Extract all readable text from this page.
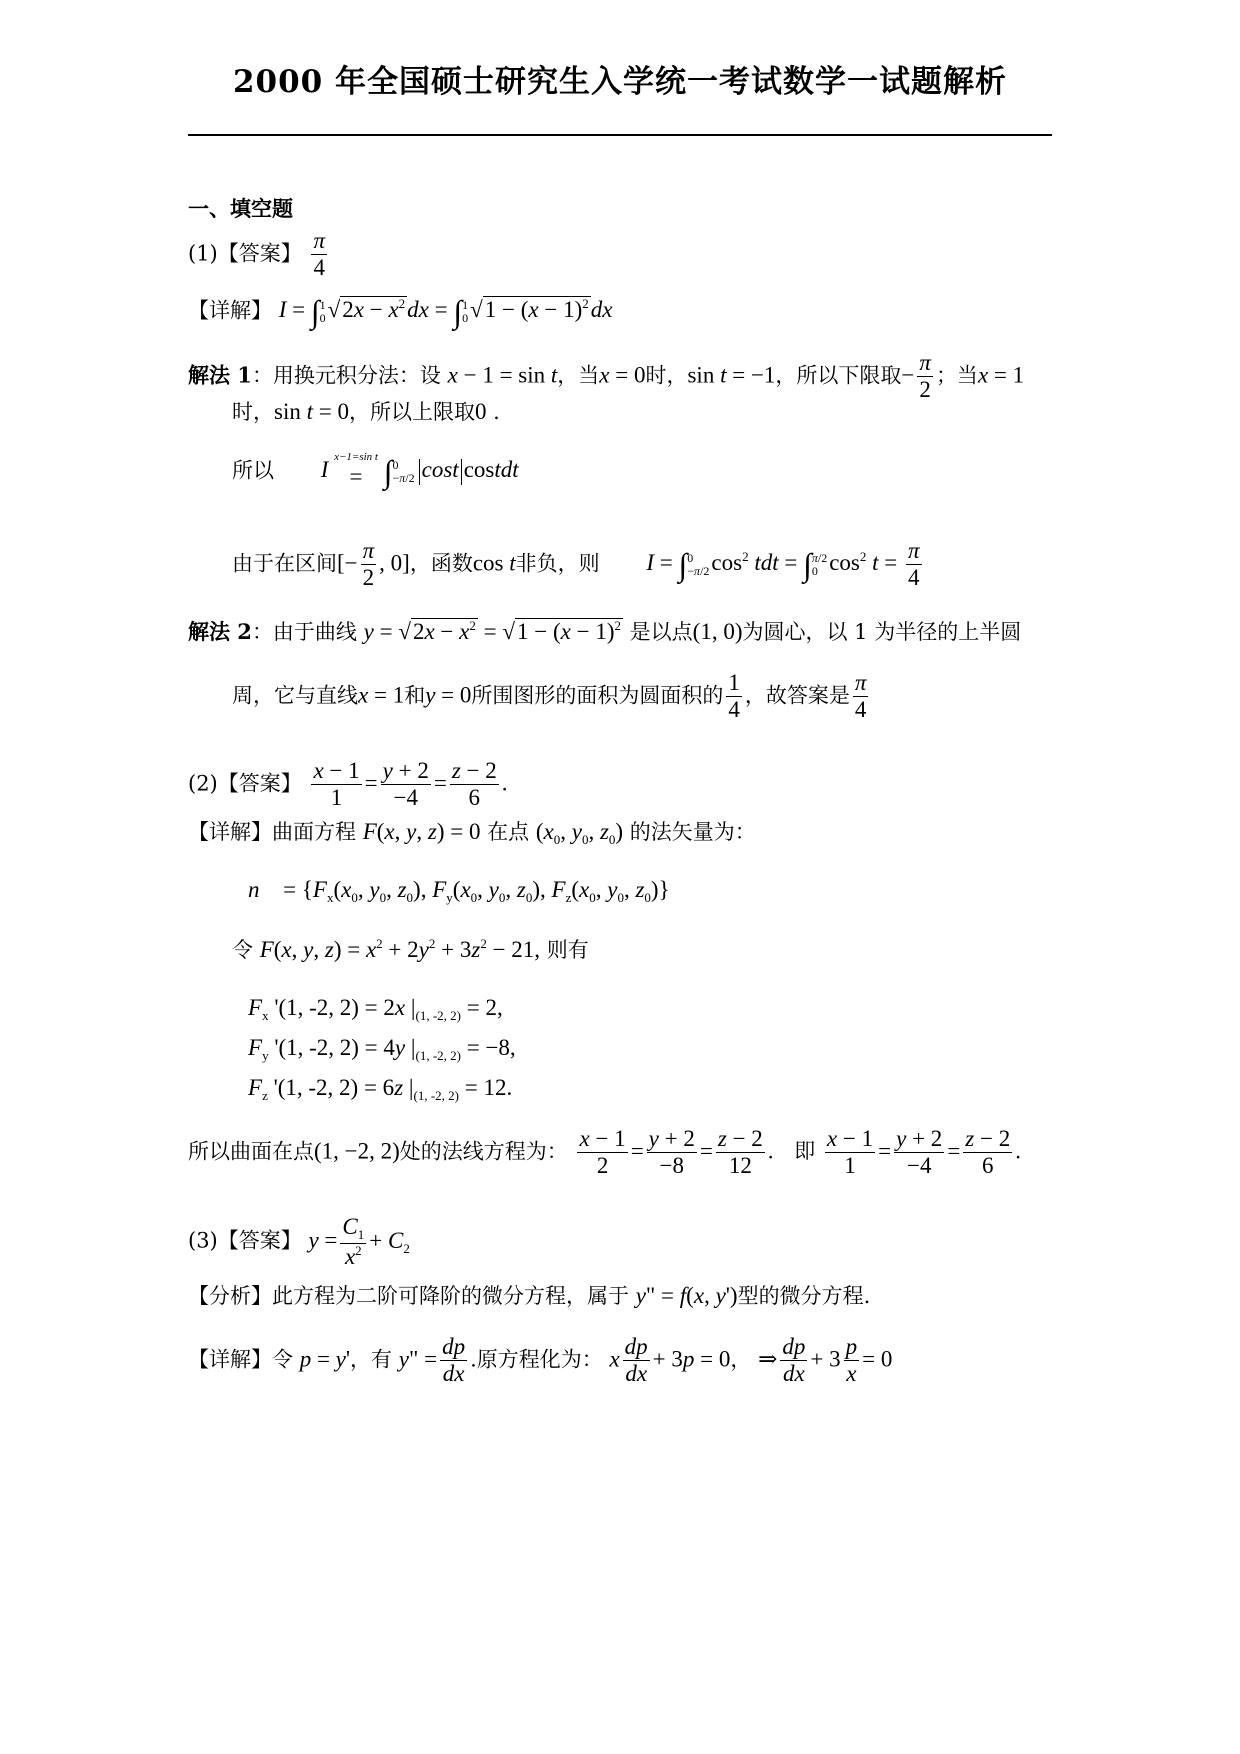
2000 年全国硕士研究生入学统一考试数学一试题解析
一、填空题
(1)【答案】 $\frac{\pi}{4}$
【详解】 I = ∫ 1
0 $√2x - x^2dx$ = ∫ 1
0 $√1 - (x - 1)^2dx$
解法 1：用换元积分法：设 x − 1 = sin t，当x = 0时，sin t = −1，所以下限取− $\frac{\pi}{2}$ ；当x = 1
时，sin t = 0，所以上限取0 .
所以 I
x−1=sin t
= ∫ 0
−π/2 cost costdt
由于在区间[− $\frac{\pi}{2}$ , 0]，函数cos t非负，则 I = ∫ 0
−π/2 $\cos^2$ tdt = ∫ π/2
0 $\cos^2 t = \frac{\pi}{4}$
解法 2：由于曲线 $y = √2x - x^2 = √1 - (x - 1)^2$ 是以点(1, 0)为圆心，以 1 为半径的上半圆
周，它与直线x = 1和y = 0所围图形的面积为圆面积的 $\frac{1}{4}$ ，故答案是 $\frac{\pi}{4}$
(2)【答案】 $\frac{x - 1}{1} = \frac{y + 2}{-4} = \frac{z - 2}{6}$ .
【详解】曲面方程 F(x, y, z) = 0 在点 ($x_0$, $y_0$, $z_0$) 的法矢量为：
n⃗ = {$F_x(x_0$, $y_0$, $z_0$), $F_y(x_0$, $y_0$, $z_0$), $F_z(x_0$, $y_0$, $z_0$)}
令 F(x, y, $z) = x^2 + 2y^2 + 3z^2 - 21$, 则有
$F_x$ '(1, -2, 2) = 2x $|_{(1, -2, 2)} = 2$,
$F_y$ '(1, -2, 2) = 4y $|_{(1, -2, 2)} = -8$,
$F_z$ '(1, -2, 2) = 6z $|_{(1, -2, 2)} = 12$.
所以曲面在点(1, −2, 2)处的法线方程为： $\frac{x - 1}{2} = \frac{y + 2}{-8} = \frac{z - 2}{12}$ . 即 $\frac{x - 1}{1} = \frac{y + 2}{-4} = \frac{z - 2}{6}$ .
(3)【答案】 $y = \frac{C_1}{x^2} + C_2$
【分析】此方程为二阶可降阶的微分方程，属于 y" = f(x, y')型的微分方程.
【详解】令 p = y'，有 y" = $\frac{dp}{dx}$ .原方程化为： x $\frac{dp}{dx} + 3p = 0$， ⇒ $\frac{dp}{dx} + 3 \frac{p}{x} = 0$
